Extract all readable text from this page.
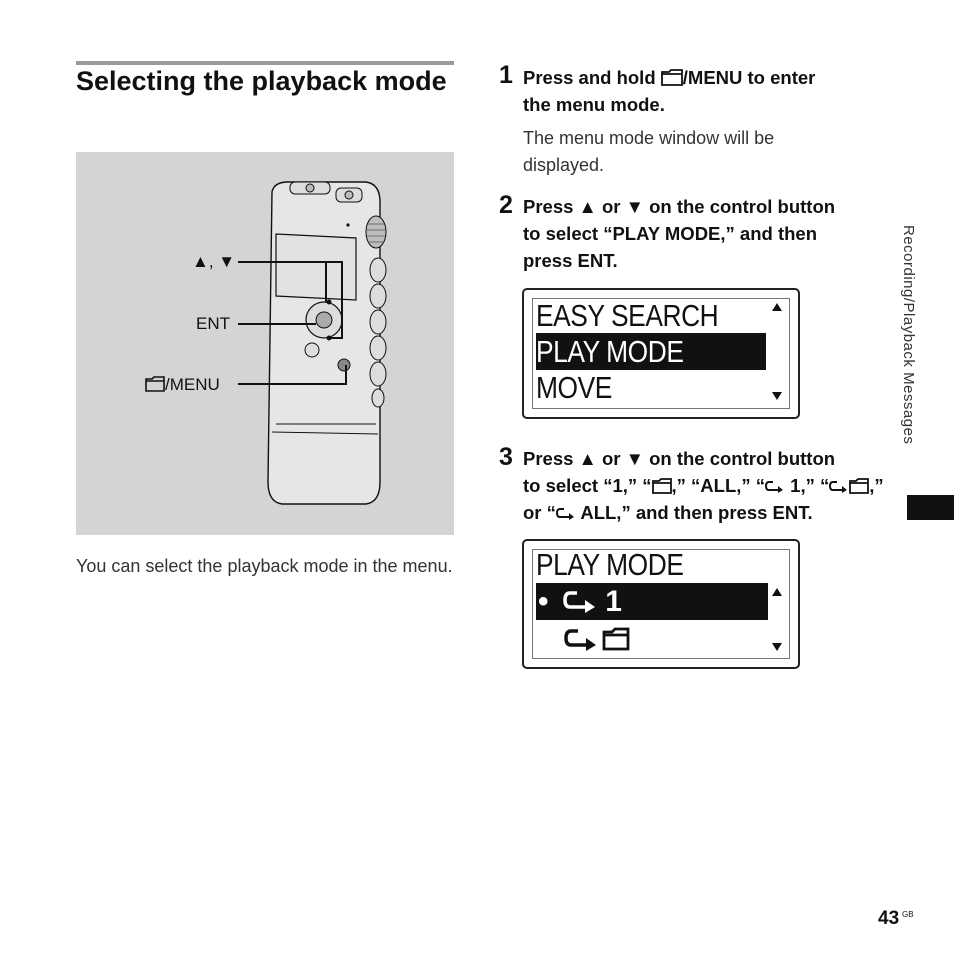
Selecting the playback mode
▲, ▼
ENT
/MENU
You can select the playback mode in the menu.
1 Press and hold /MENU to enter
the menu mode.
The menu mode window will be
displayed.
2 Press ▲ or ▼ on the control button
to select “PLAY MODE,” and then
press ENT.
EASY SEARCH
PLAY MODE
MOVE
3 Press ▲ or ▼ on the control button
to select “1,” “ ,” “ALL,” “ 1,” “ ,”
or “ ALL,” and then press ENT.
PLAY MODE
• 1

Recording/Playback Messages
43 GB
